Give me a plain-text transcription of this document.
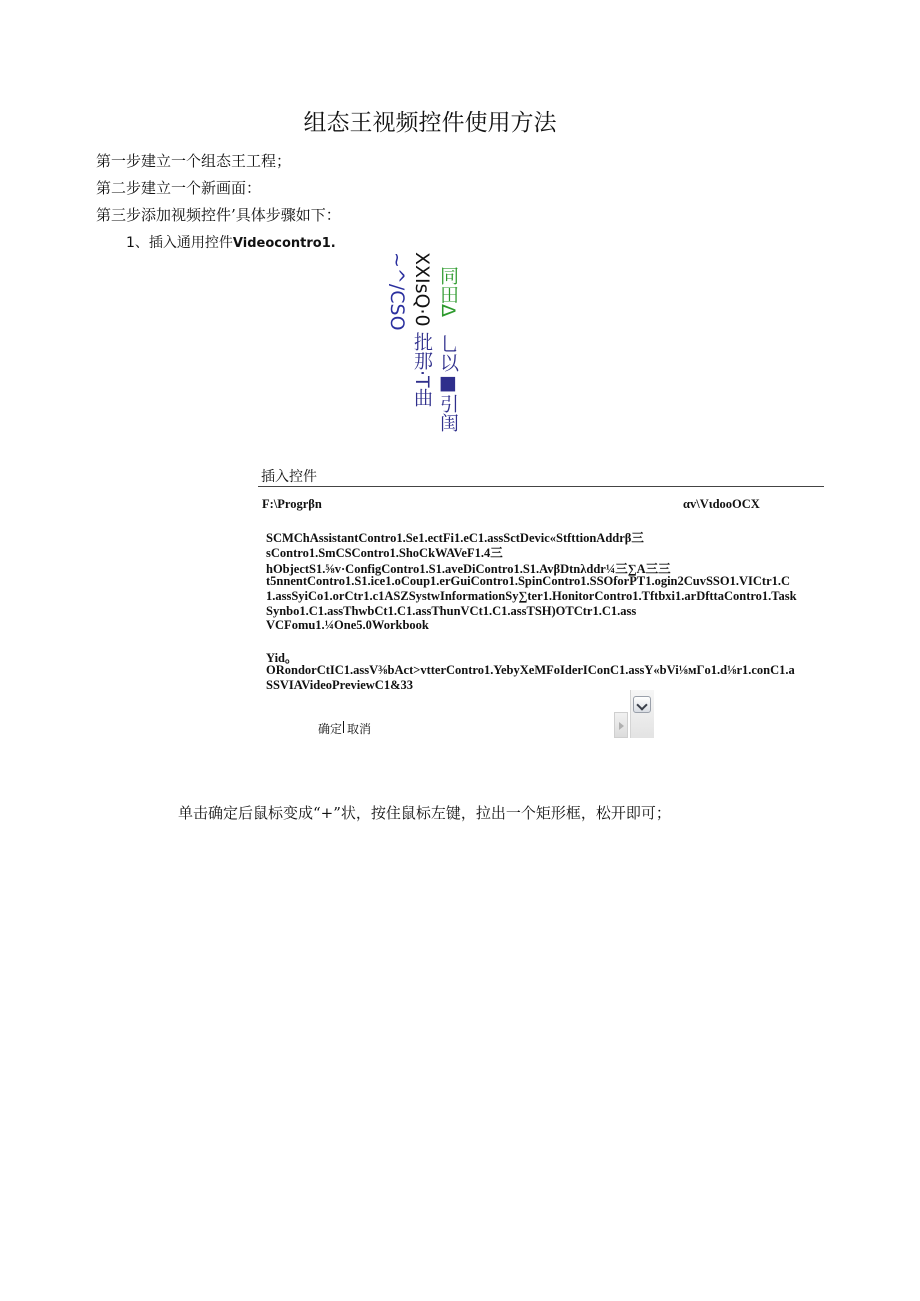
组态王视频控件使用方法
第一步建立一个组态王工程；
第二步建立一个新画面：
第三步添加视频控件’具体步骤如下：
1、插入通用控件Videocontro1.
~^/CSO XXIsQ·0
批那·T曲
同田Δ
乚以■引闺
插入控件
F:\Progrβn	αv\VιdooOCX
SCMChAssistantContro1.Se1.ectFi1.eC1.assSctDevic«StfttionAddrβ三
sContro1.SmCSContro1.ShoCkWAVeF1.4三
hObjectS1.⅝v·ConfigContro1.S1.aveDiContro1.S1.AvβDtnλddr¼三∑A三三
t5nnentContro1.S1.ice1.oCoup1.erGuiContro1.SpinContro1.SSOforPT1.ogin2CuvSSO1.VICtr1.C
1.assSyiCo1.orCtr1.c1ASZSystwInformationSy∑ter1.HonitorContro1.Tftbxi1.arDfttaContro1.Task
Synbo1.C1.assThwbCt1.C1.assThunVCt1.C1.assTSH)OTCtr1.C1.ass
VCFomu1.¼One5.0Workbook
Yid。
ORondorCtIC1.assV⅜bAct>vtterContro1.YebyXeMFoIderIConC1.assY«bVi⅛мΓo1.d⅛r1.conC1.a
SSVIAVideoPreviewC1&33
确定 取消
单击确定后鼠标变成“+”状，按住鼠标左键，拉出一个矩形框，松开即可；
